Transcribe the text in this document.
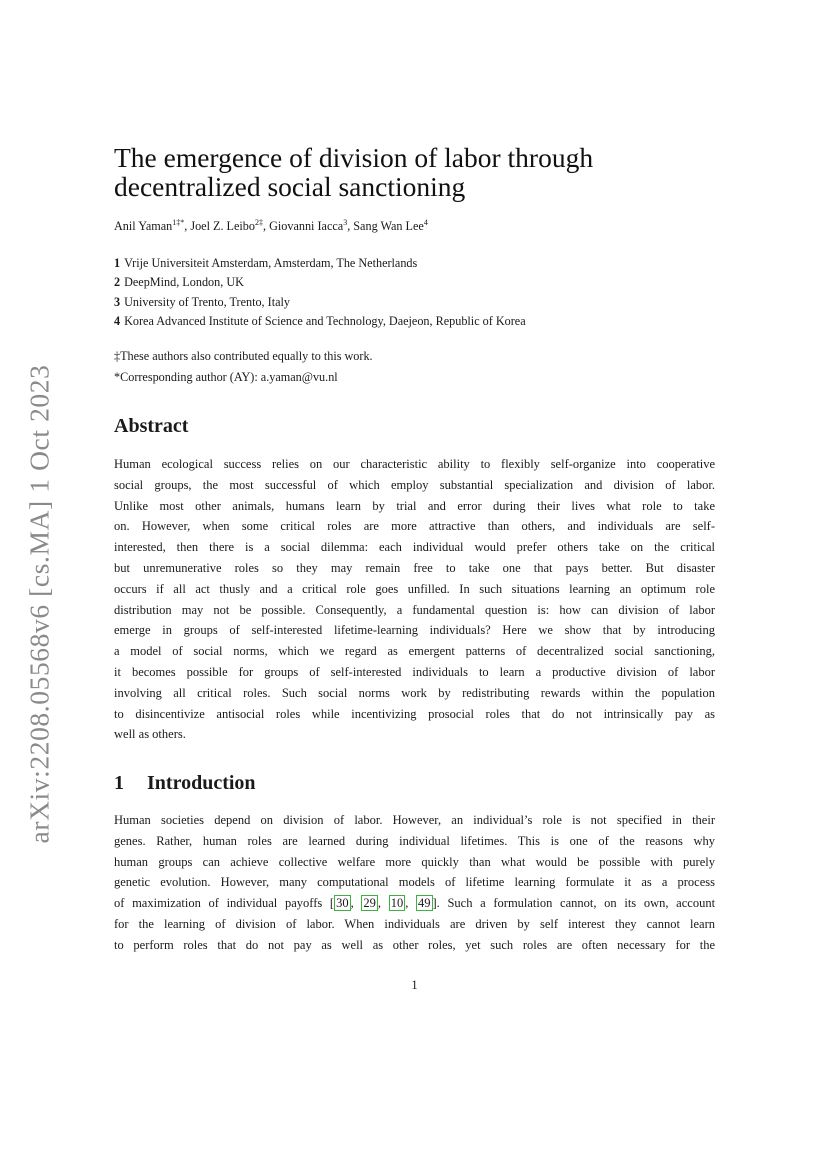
arXiv:2208.05568v6 [cs.MA] 1 Oct 2023
The emergence of division of labor through decentralized social sanctioning
Anil Yaman$^{1\ddagger*}$, Joel Z. Leibo$^{2\ddagger}$, Giovanni Iacca$^3$, Sang Wan Lee$^4$
1 Vrije Universiteit Amsterdam, Amsterdam, The Netherlands
2 DeepMind, London, UK
3 University of Trento, Trento, Italy
4 Korea Advanced Institute of Science and Technology, Daejeon, Republic of Korea
‡These authors also contributed equally to this work.
*Corresponding author (AY): a.yaman@vu.nl
Abstract
Human ecological success relies on our characteristic ability to flexibly self-organize into cooperative
social groups, the most successful of which employ substantial specialization and division of labor.
Unlike most other animals, humans learn by trial and error during their lives what role to take
on. However, when some critical roles are more attractive than others, and individuals are self-
interested, then there is a social dilemma: each individual would prefer others take on the critical
but unremunerative roles so they may remain free to take one that pays better. But disaster
occurs if all act thusly and a critical role goes unfilled. In such situations learning an optimum role
distribution may not be possible. Consequently, a fundamental question is: how can division of labor
emerge in groups of self-interested lifetime-learning individuals? Here we show that by introducing
a model of social norms, which we regard as emergent patterns of decentralized social sanctioning,
it becomes possible for groups of self-interested individuals to learn a productive division of labor
involving all critical roles. Such social norms work by redistributing rewards within the population
to disincentivize antisocial roles while incentivizing prosocial roles that do not intrinsically pay as
well as others.
1 Introduction
Human societies depend on division of labor. However, an individual’s role is not specified in their
genes. Rather, human roles are learned during individual lifetimes. This is one of the reasons why
human groups can achieve collective welfare more quickly than what would be possible with purely
genetic evolution. However, many computational models of lifetime learning formulate it as a process
of maximization of individual payoffs [ 30 , 29 , 10 , 49 ]. Such a formulation cannot, on its own, account
for the learning of division of labor. When individuals are driven by self interest they cannot learn
to perform roles that do not pay as well as other roles, yet such roles are often necessary for the
1
